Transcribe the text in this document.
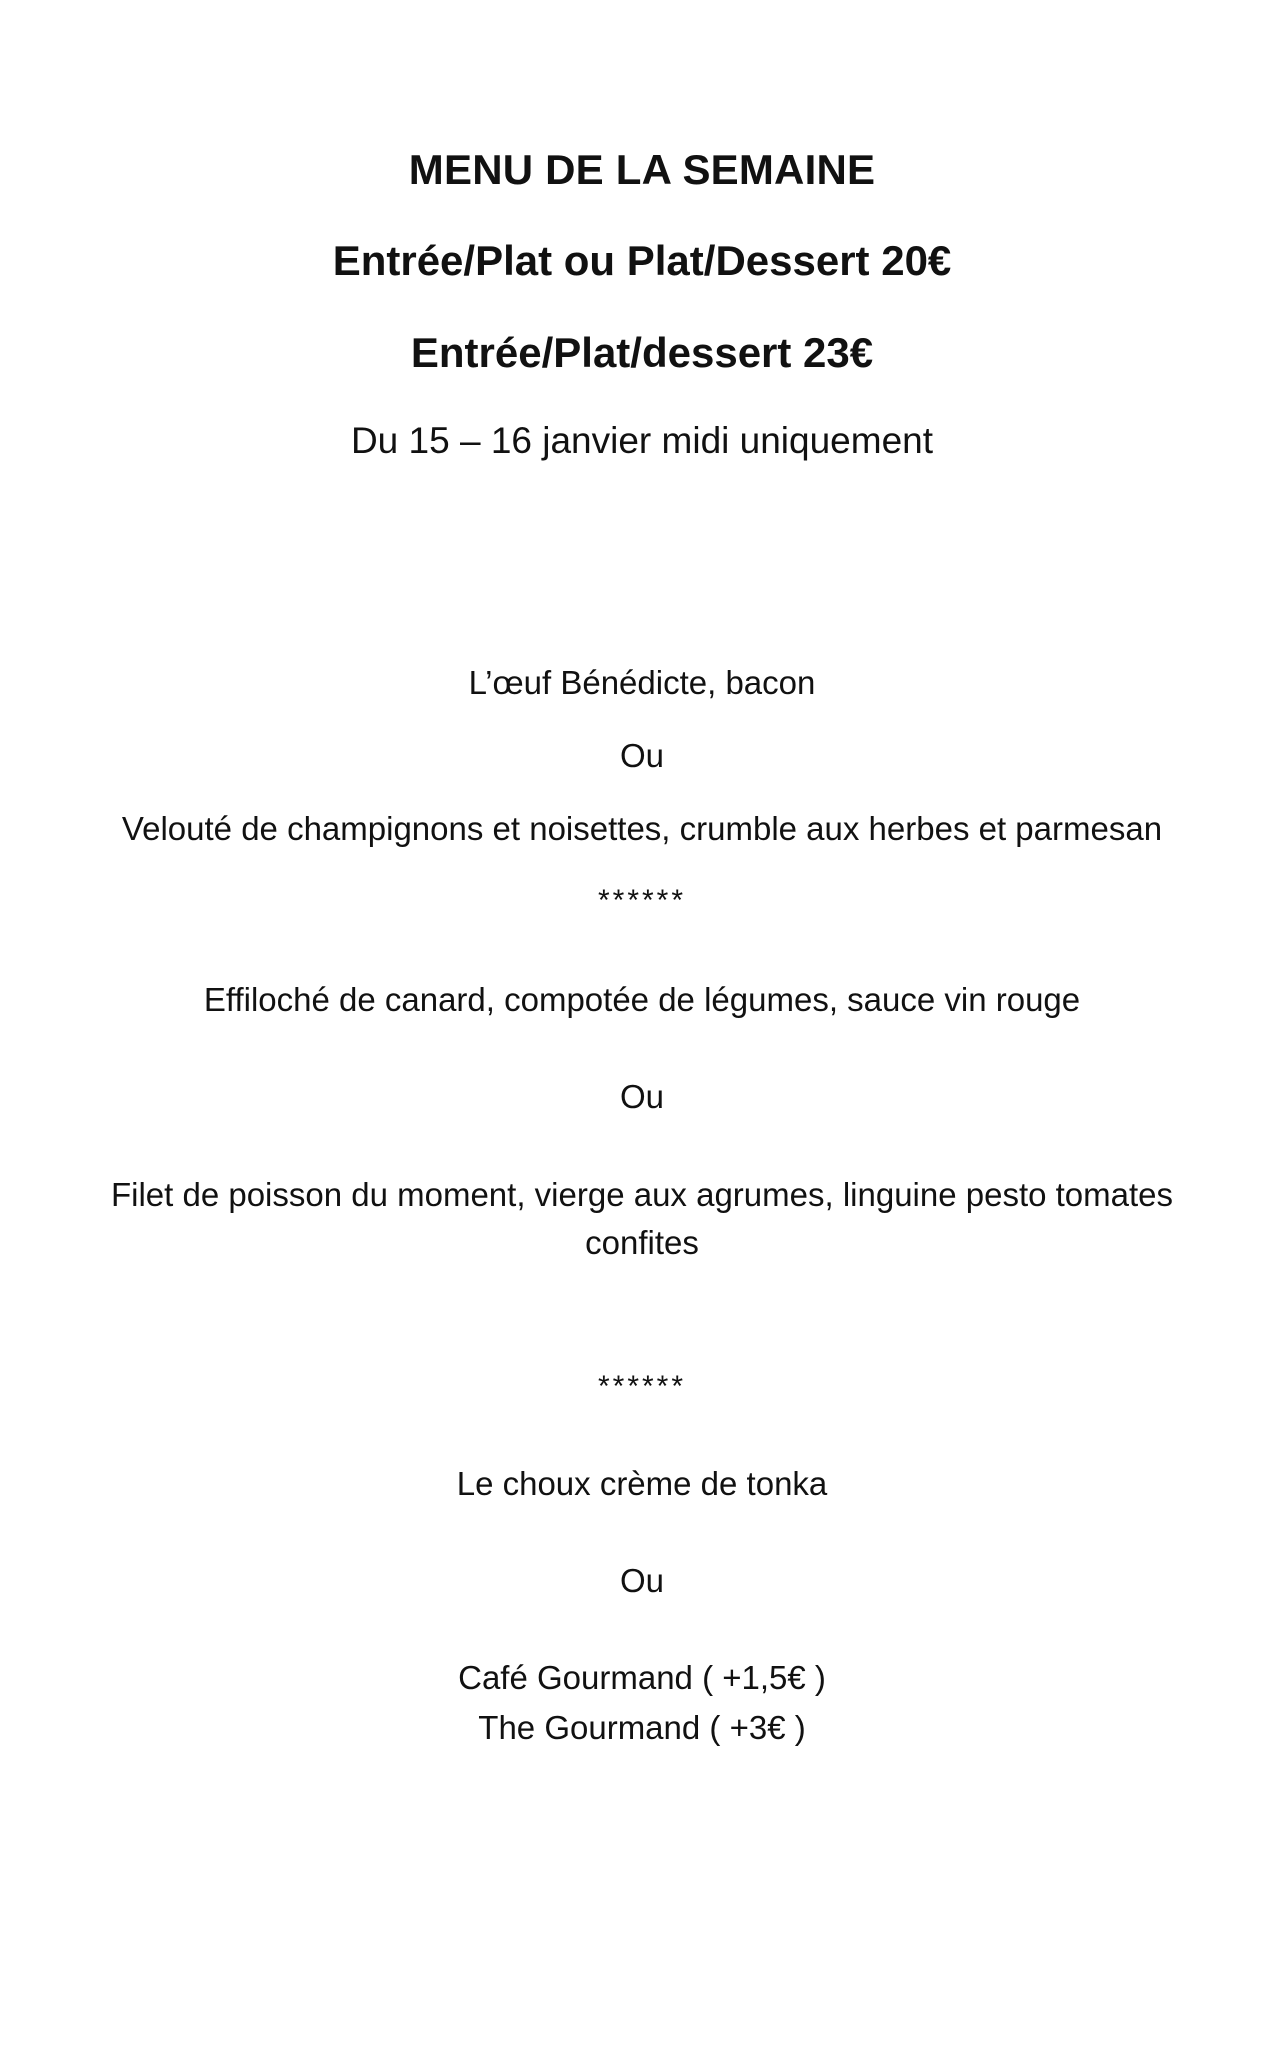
MENU DE LA SEMAINE
Entrée/Plat ou Plat/Dessert 20€
Entrée/Plat/dessert 23€
Du 15 – 16 janvier midi uniquement
L’œuf Bénédicte, bacon
Ou
Velouté de champignons et noisettes, crumble aux herbes et parmesan
******
Effiloché de canard, compotée de légumes, sauce vin rouge
Ou
Filet de poisson du moment, vierge aux agrumes, linguine pesto tomates
confites
******
Le choux crème de tonka
Ou
Café Gourmand ( +1,5€ )
The Gourmand ( +3€ )
